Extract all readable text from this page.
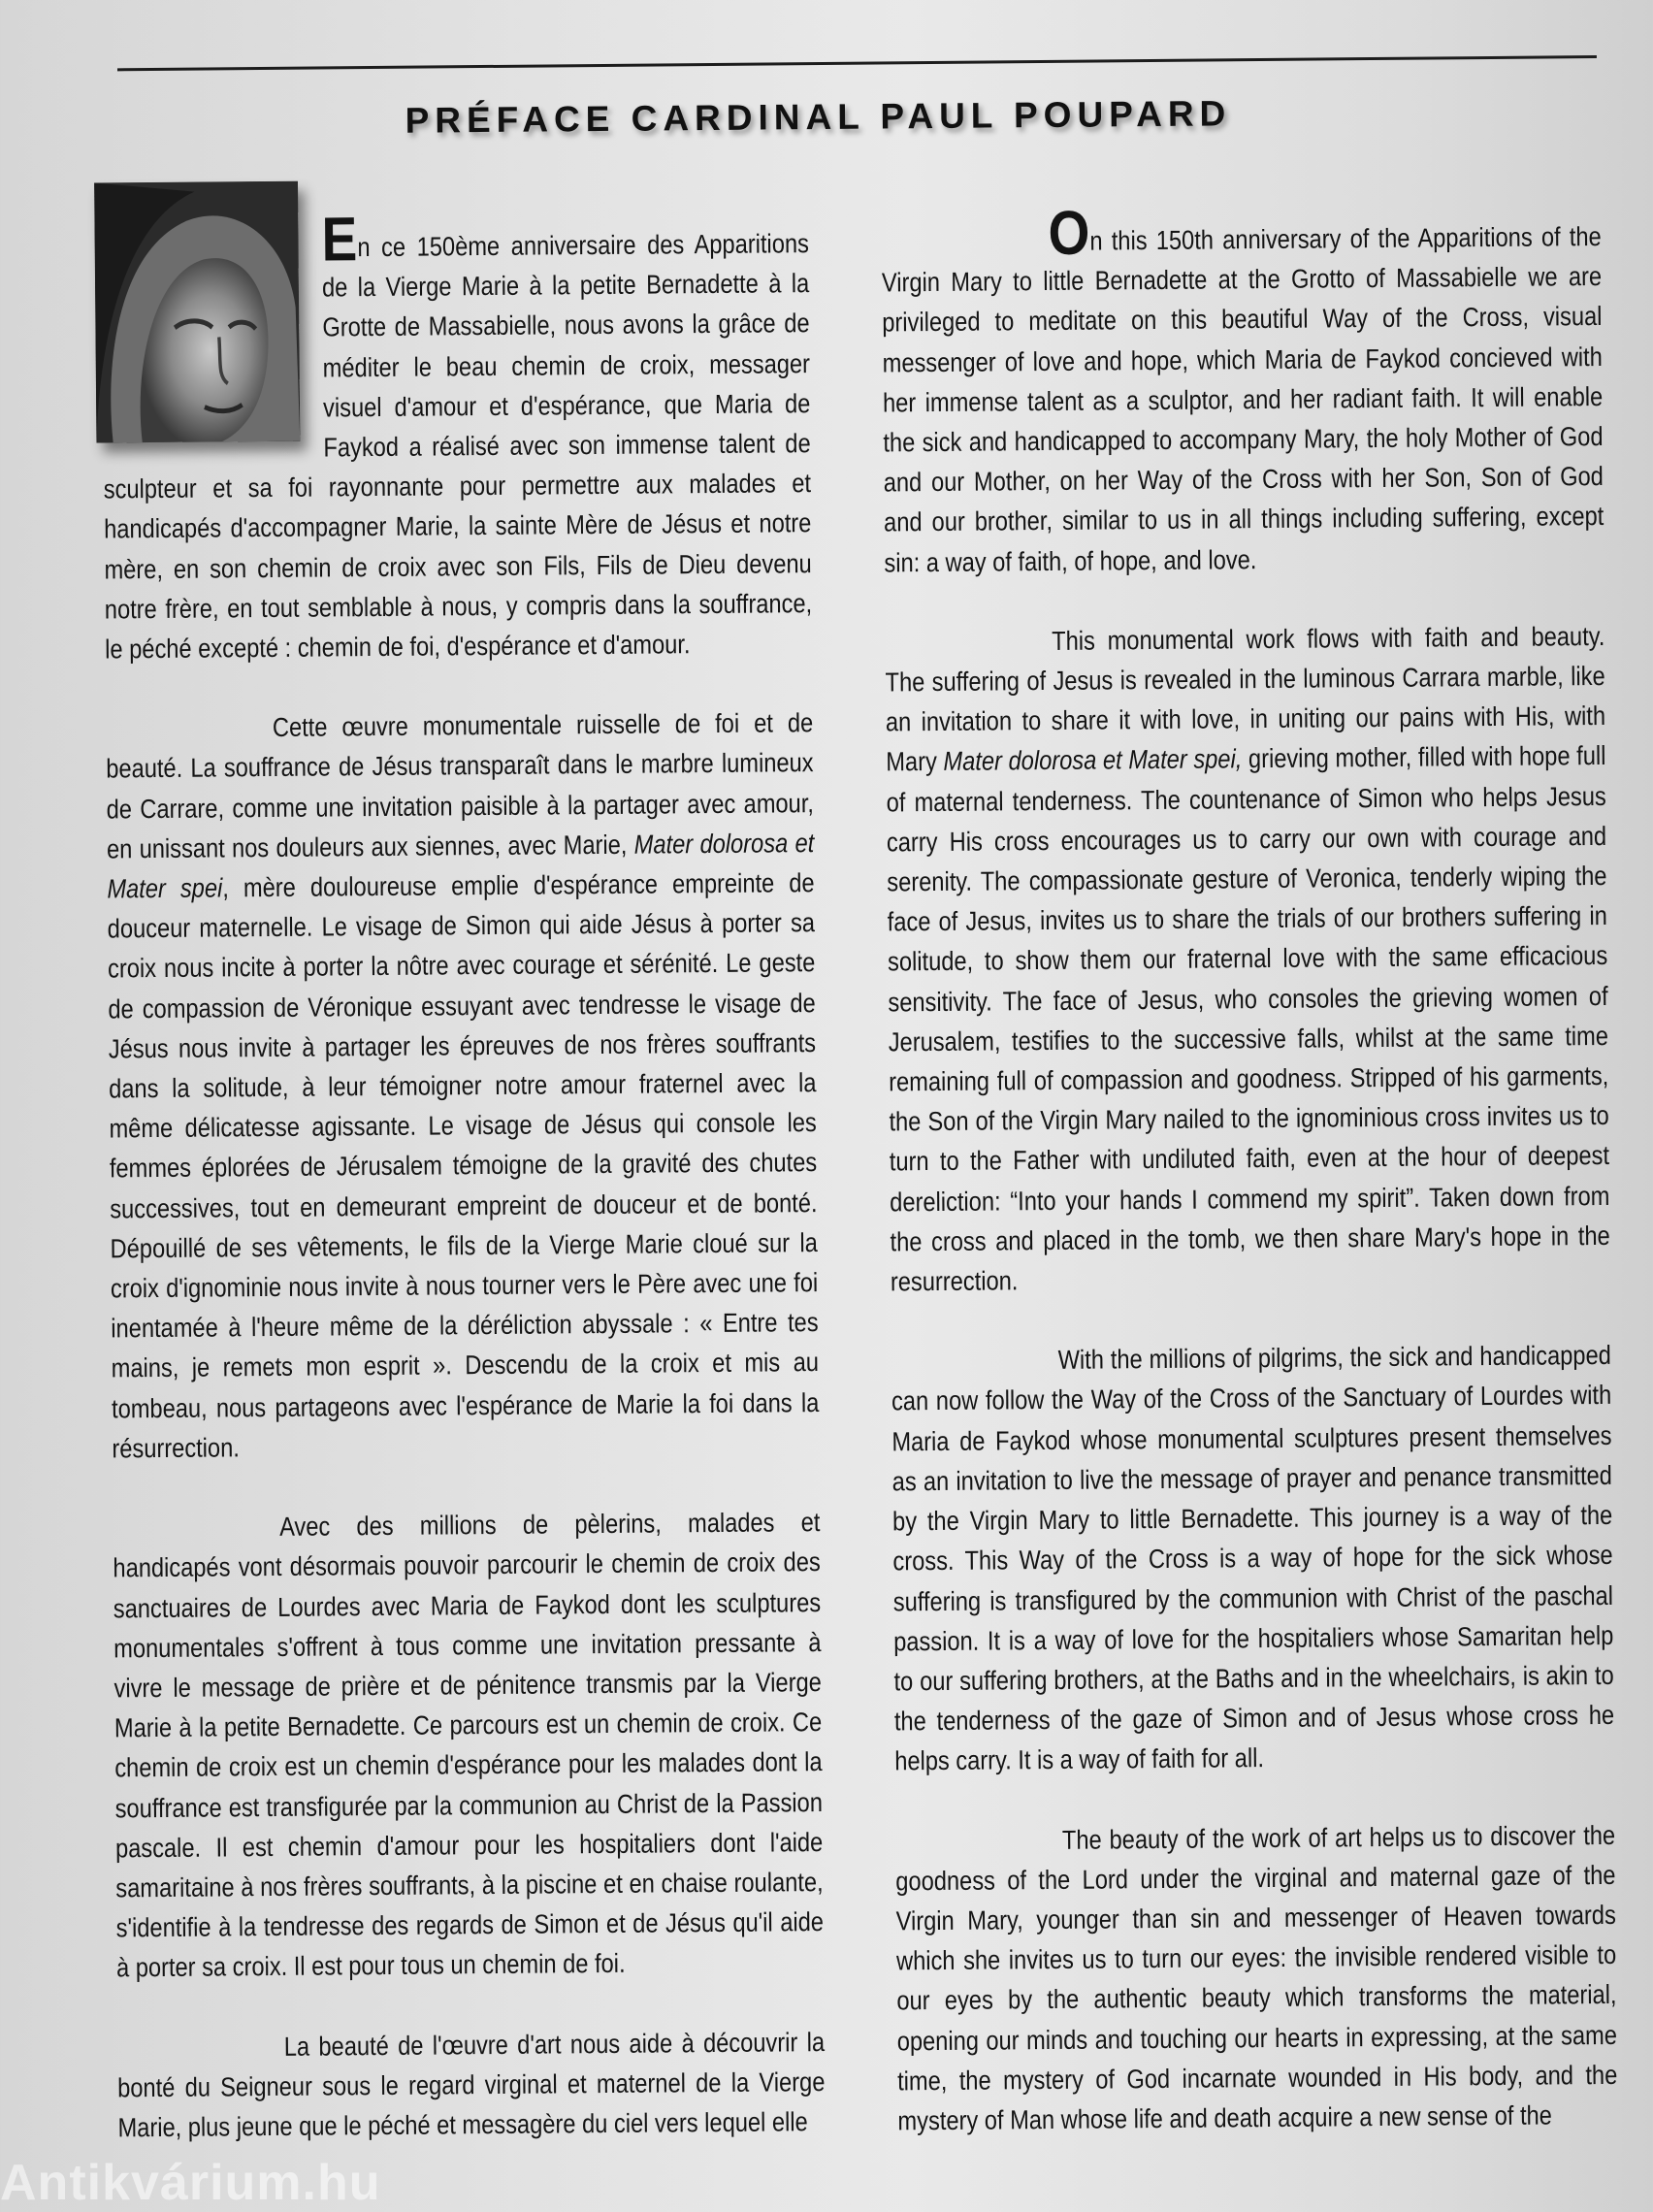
PRÉFACE CARDINAL PAUL POUPARD

En ce 150ème anniversaire des Apparitions de la Vierge Marie à la petite Bernadette à la Grotte de Massabielle, nous avons la grâce de méditer le beau chemin de croix, messager visuel d'amour et d'espérance, que Maria de Faykod a réalisé avec son immense talent de sculpteur et sa foi rayonnante pour permettre aux malades et handicapés d'accompagner Marie, la sainte Mère de Jésus et notre mère, en son chemin de croix avec son Fils, Fils de Dieu devenu notre frère, en tout semblable à nous, y compris dans la souffrance, le péché excepté : chemin de foi, d'espérance et d'amour.

Cette œuvre monumentale ruisselle de foi et de beauté. La souffrance de Jésus transparaît dans le marbre lumineux de Carrare, comme une invitation paisible à la partager avec amour, en unissant nos douleurs aux siennes, avec Marie, Mater dolorosa et Mater spei, mère douloureuse emplie d'espérance empreinte de douceur maternelle. Le visage de Simon qui aide Jésus à porter sa croix nous incite à porter la nôtre avec courage et sérénité. Le geste de compassion de Véronique essuyant avec tendresse le visage de Jésus nous invite à partager les épreuves de nos frères souffrants dans la solitude, à leur témoigner notre amour fraternel avec la même délicatesse agissante. Le visage de Jésus qui console les femmes éplorées de Jérusalem témoigne de la gravité des chutes successives, tout en demeurant empreint de douceur et de bonté. Dépouillé de ses vêtements, le fils de la Vierge Marie cloué sur la croix d'ignominie nous invite à nous tourner vers le Père avec une foi inentamée à l'heure même de la déréliction abyssale : « Entre tes mains, je remets mon esprit ». Descendu de la croix et mis au tombeau, nous partageons avec l'espérance de Marie la foi dans la résurrection.

Avec des millions de pèlerins, malades et handicapés vont désormais pouvoir parcourir le chemin de croix des sanctuaires de Lourdes avec Maria de Faykod dont les sculptures monumentales s'offrent à tous comme une invitation pressante à vivre le message de prière et de pénitence transmis par la Vierge Marie à la petite Bernadette. Ce parcours est un chemin de croix. Ce chemin de croix est un chemin d'espérance pour les malades dont la souffrance est transfigurée par la communion au Christ de la Passion pascale. Il est chemin d'amour pour les hospitaliers dont l'aide samaritaine à nos frères souffrants, à la piscine et en chaise roulante, s'identifie à la tendresse des regards de Simon et de Jésus qu'il aide à porter sa croix. Il est pour tous un chemin de foi.

La beauté de l'œuvre d'art nous aide à découvrir la bonté du Seigneur sous le regard virginal et maternel de la Vierge Marie, plus jeune que le péché et messagère du ciel vers lequel elle

On this 150th anniversary of the Apparitions of the Virgin Mary to little Bernadette at the Grotto of Massabielle we are privileged to meditate on this beautiful Way of the Cross, visual messenger of love and hope, which Maria de Faykod concieved with her immense talent as a sculptor, and her radiant faith. It will enable the sick and handicapped to accompany Mary, the holy Mother of God and our Mother, on her Way of the Cross with her Son, Son of God and our brother, similar to us in all things including suffering, except sin: a way of faith, of hope, and love.

This monumental work flows with faith and beauty. The suffering of Jesus is revealed in the luminous Carrara marble, like an invitation to share it with love, in uniting our pains with His, with Mary Mater dolorosa et Mater spei, grieving mother, filled with hope full of maternal tenderness. The countenance of Simon who helps Jesus carry His cross encourages us to carry our own with courage and serenity. The compassionate gesture of Veronica, tenderly wiping the face of Jesus, invites us to share the trials of our brothers suffering in solitude, to show them our fraternal love with the same efficacious sensitivity. The face of Jesus, who consoles the grieving women of Jerusalem, testifies to the successive falls, whilst at the same time remaining full of compassion and goodness. Stripped of his garments, the Son of the Virgin Mary nailed to the ignominious cross invites us to turn to the Father with undiluted faith, even at the hour of deepest dereliction: “Into your hands I commend my spirit”. Taken down from the cross and placed in the tomb, we then share Mary's hope in the resurrection.

With the millions of pilgrims, the sick and handicapped can now follow the Way of the Cross of the Sanctuary of Lourdes with Maria de Faykod whose monumental sculptures present themselves as an invitation to live the message of prayer and penance transmitted by the Virgin Mary to little Bernadette. This journey is a way of the cross. This Way of the Cross is a way of hope for the sick whose suffering is transfigured by the communion with Christ of the paschal passion. It is a way of love for the hospitaliers whose Samaritan help to our suffering brothers, at the Baths and in the wheelchairs, is akin to the tenderness of the gaze of Simon and of Jesus whose cross he helps carry. It is a way of faith for all.

The beauty of the work of art helps us to discover the goodness of the Lord under the virginal and maternal gaze of the Virgin Mary, younger than sin and messenger of Heaven towards which she invites us to turn our eyes: the invisible rendered visible to our eyes by the authentic beauty which transforms the material, opening our minds and touching our hearts in expressing, at the same time, the mystery of God incarnate wounded in His body, and the mystery of Man whose life and death acquire a new sense of the

Antikvárium.hu
